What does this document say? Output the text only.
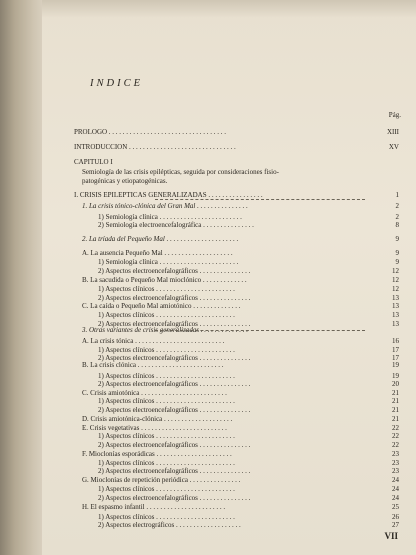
INDICE
Pág.
PROLOGO . . . . . . . . . . . . . . . . . . . . . . . . . . . . . . . . . .	XIII
INTRODUCCION . . . . . . . . . . . . . . . . . . . . . . . . . . . . . . .	XV
CAPITULO I
Semiología de las crisis epilépticas, seguida por consideraciones fisio-
patogénicas y etiopatogénicas.
I. CRISIS EPILEPTICAS GENERALIZADAS . . . . . . . . . . . . . . . .	1
1. La crisis tónico-clónica del Gran Mal . . . . . . . . . . . . . . .	2
1) Semiología clínica . . . . . . . . . . . . . . . . . . . . . . . .	2
2) Semiología electroencefalográfica . . . . . . . . . . . . . . .	8
2. La tríada del Pequeño Mal . . . . . . . . . . . . . . . . . . . . .	9
A. La ausencia Pequeño Mal . . . . . . . . . . . . . . . . . . . .	9
1) Semiología clínica . . . . . . . . . . . . . . . . . . . . . . .	9
2) Aspectos electroencefalográficos . . . . . . . . . . . . . . .	12
B. La sacudida o Pequeño Mal mioclónico . . . . . . . . . . . . .	12
1) Aspectos clínicos . . . . . . . . . . . . . . . . . . . . . . .	12
2) Aspectos electroencefalográficos . . . . . . . . . . . . . . .	13
C. La caída o Pequeño Mal amiotónico . . . . . . . . . . . . . .	13
1) Aspectos clínicos . . . . . . . . . . . . . . . . . . . . . . .	13
2) Aspectos electroencefalográficos . . . . . . . . . . . . . . .	13
3. Otras variantes de crisis generalizadas . . . . . . . . . . . . . .
A. La crisis tónica . . . . . . . . . . . . . . . . . . . . . . . . . .	16
1) Aspectos clínicos . . . . . . . . . . . . . . . . . . . . . . .	17
2) Aspectos electroencefalográficos . . . . . . . . . . . . . . .	17
B. La crisis clónica . . . . . . . . . . . . . . . . . . . . . . . . .	19
1) Aspectos clínicos . . . . . . . . . . . . . . . . . . . . . . .	19
2) Aspectos electroencefalográficos . . . . . . . . . . . . . . .	20
C. Crisis amiotónica . . . . . . . . . . . . . . . . . . . . . . . . .	21
1) Aspectos clínicos . . . . . . . . . . . . . . . . . . . . . . .	21
2) Aspectos electroencefalográficos . . . . . . . . . . . . . . .	21
D. Crisis amiotónica-clónica . . . . . . . . . . . . . . . . . . . .	21
E. Crisis vegetativas . . . . . . . . . . . . . . . . . . . . . . . . .	22
1) Aspectos clínicos . . . . . . . . . . . . . . . . . . . . . . .	22
2) Aspectos electroencefalográficos . . . . . . . . . . . . . . .	22
F. Mioclonías esporádicas . . . . . . . . . . . . . . . . . . . . . .	23
1) Aspectos clínicos . . . . . . . . . . . . . . . . . . . . . . .	23
2) Aspectos electroencefalográficos . . . . . . . . . . . . . . .	23
G. Mioclonías de repetición periódica . . . . . . . . . . . . . . .	24
1) Aspectos clínicos . . . . . . . . . . . . . . . . . . . . . . .	24
2) Aspectos electroencefalográficos . . . . . . . . . . . . . . .	24
H. El espasmo infantil . . . . . . . . . . . . . . . . . . . . . . .	25
1) Aspectos clínicos . . . . . . . . . . . . . . . . . . . . . . .	26
2) Aspectos electrográficos . . . . . . . . . . . . . . . . . . .	27
VII
